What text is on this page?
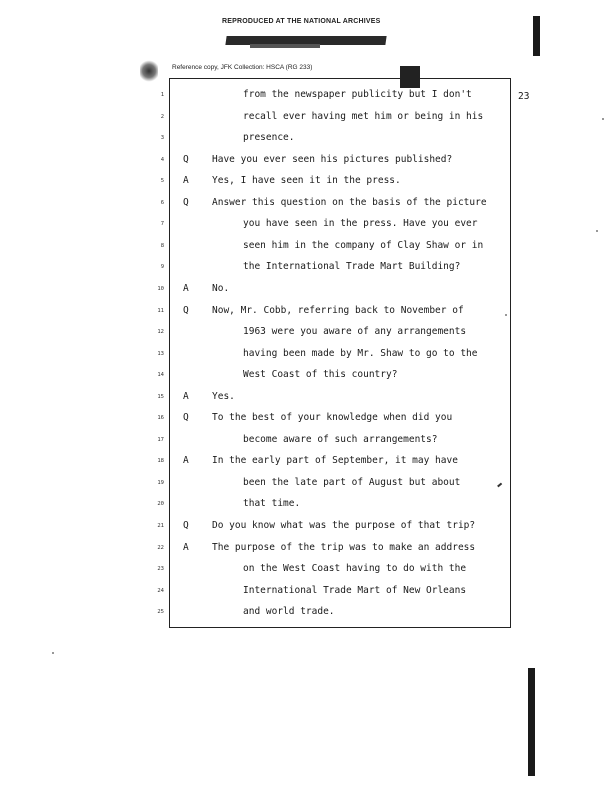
REPRODUCED AT THE NATIONAL ARCHIVES
Reference copy, JFK Collection: HSCA (RG 233)
23
1	from the newspaper publicity but I don't
2	recall ever having met him or being in his
3	presence.
4 Q Have you ever seen his pictures published?
5 A Yes, I have seen it in the press.
6 Q Answer this question on the basis of the picture
7	you have seen in the press. Have you ever
8	seen him in the company of Clay Shaw or in
9	the International Trade Mart Building?
10 A No.
11 Q Now, Mr. Cobb, referring back to November of
12	1963 were you aware of any arrangements
13	having been made by Mr. Shaw to go to the
14	West Coast of this country?
15 A Yes.
16 Q To the best of your knowledge when did you
17	become aware of such arrangements?
18 A In the early part of September, it may have
19	been the late part of August but about
20	that time.
21 Q Do you know what was the purpose of that trip?
22 A The purpose of the trip was to make an address
23	on the West Coast having to do with the
24	International Trade Mart of New Orleans
25	and world trade.
